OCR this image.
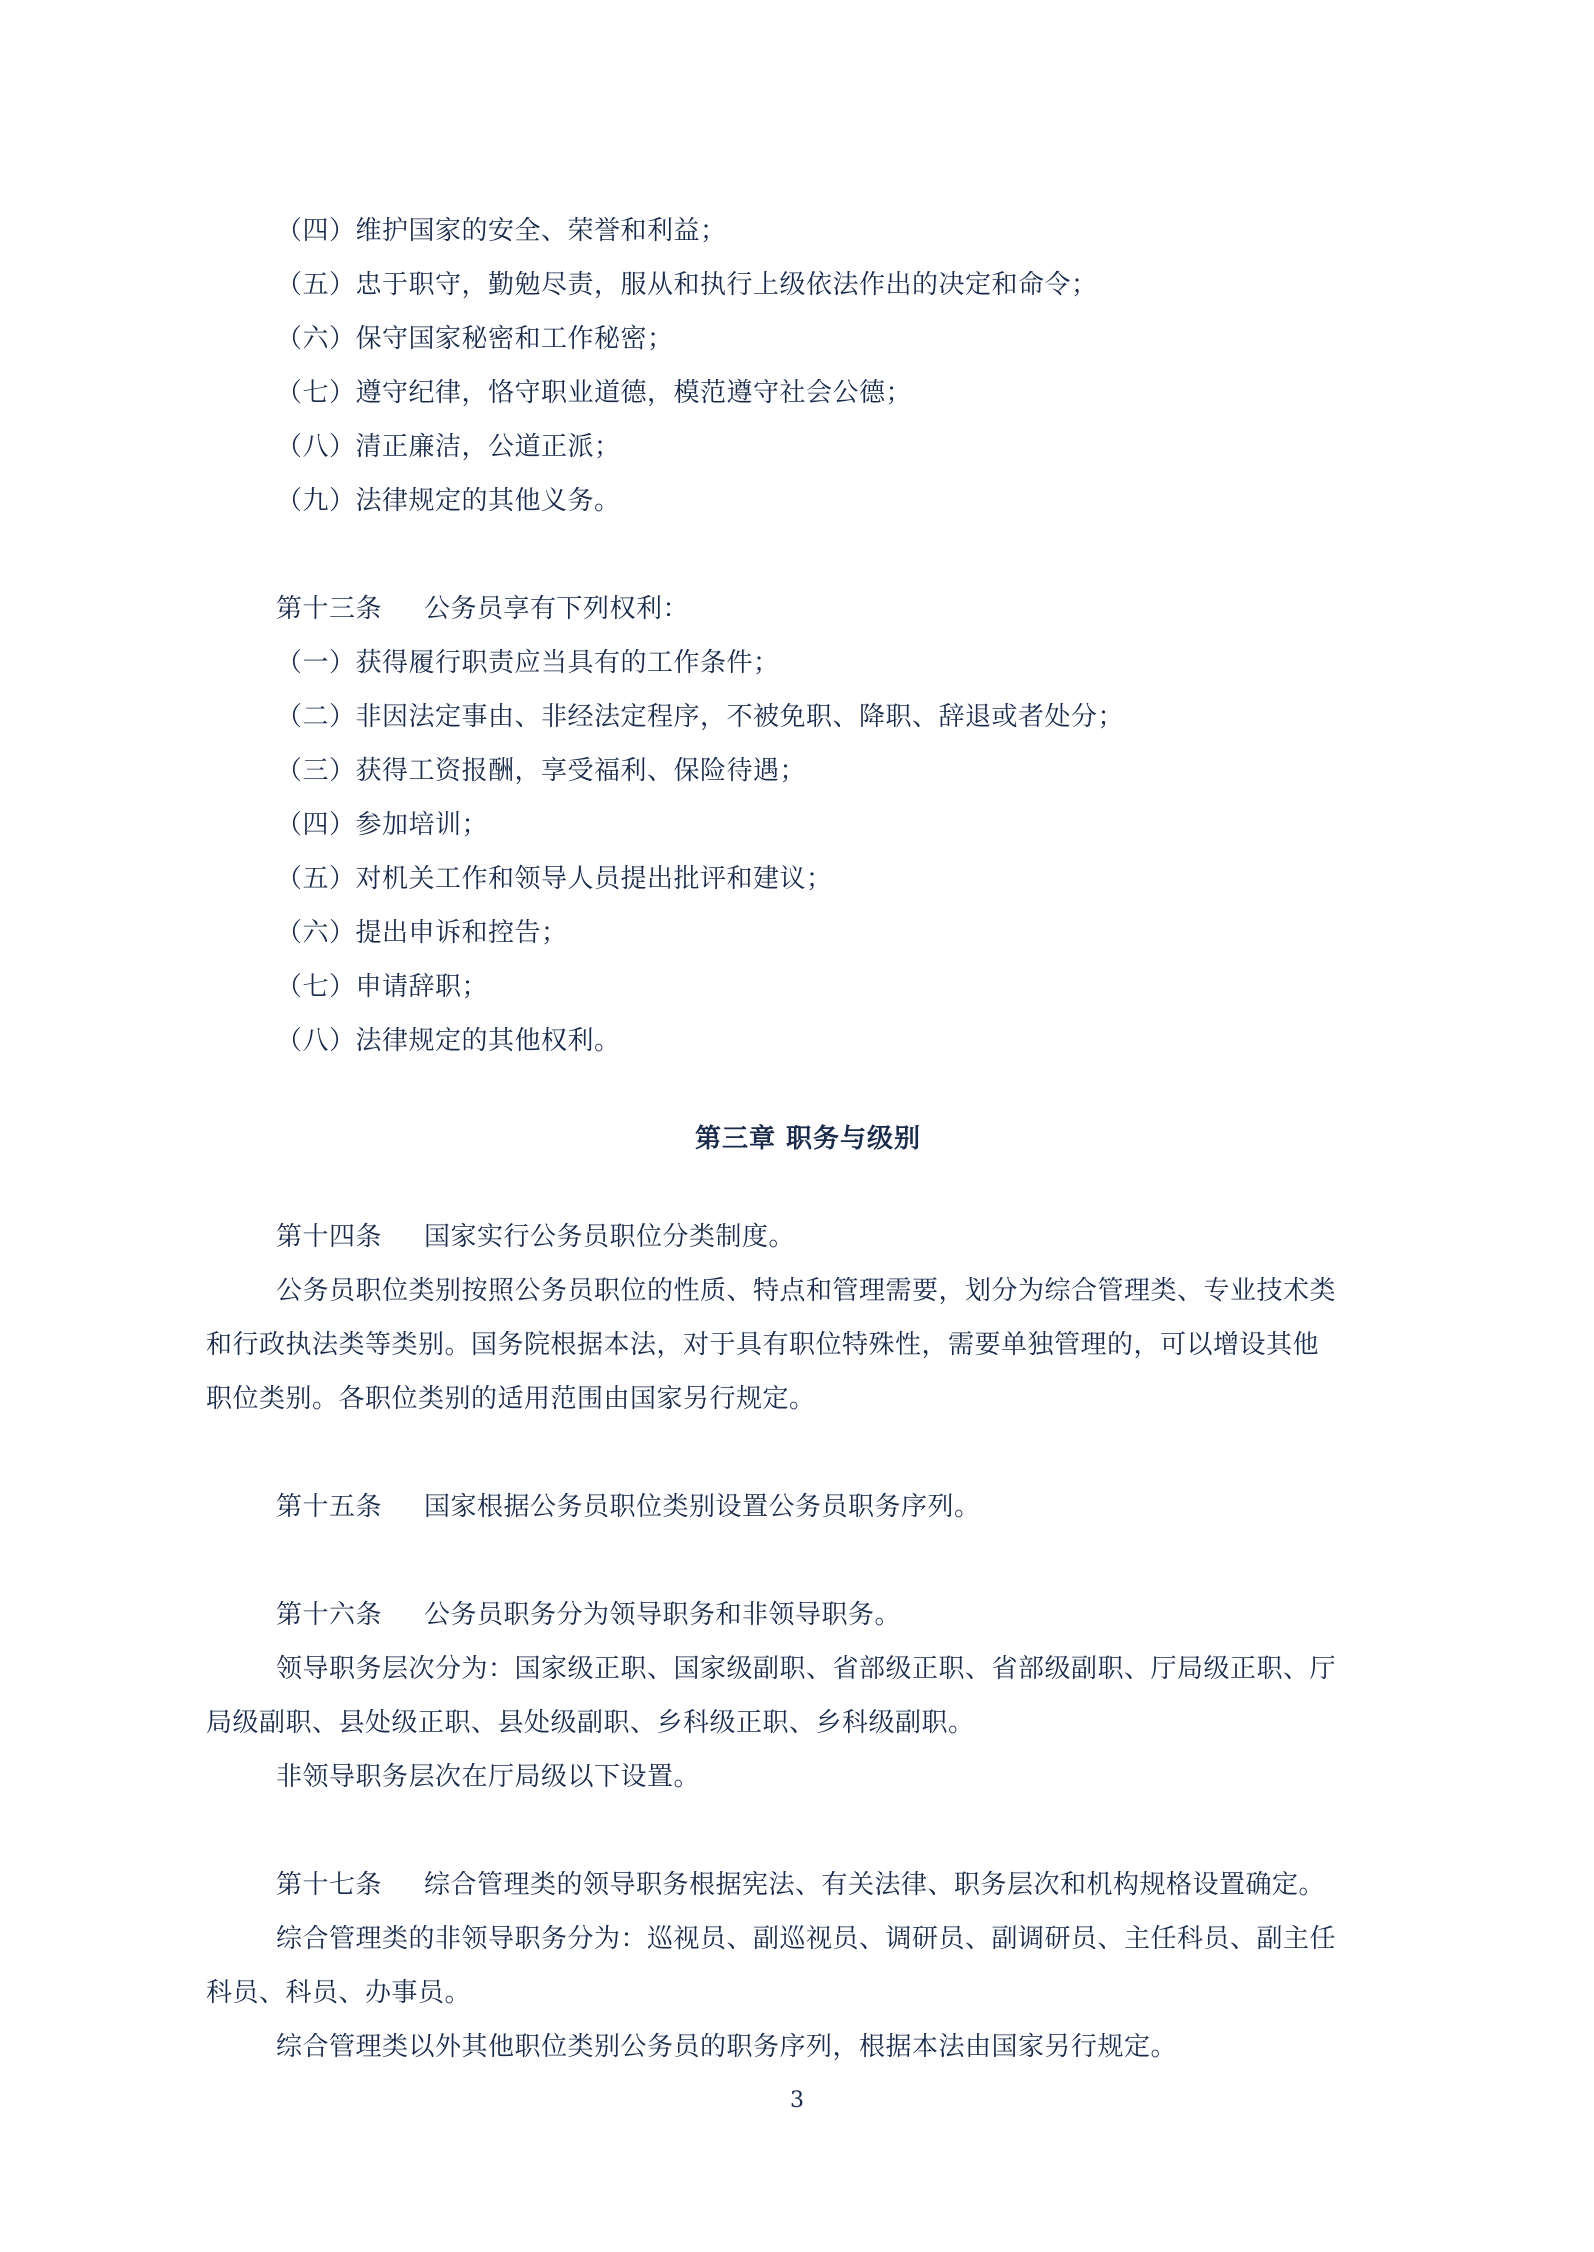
（四）维护国家的安全、荣誉和利益；
（五）忠于职守，勤勉尽责，服从和执行上级依法作出的决定和命令；
（六）保守国家秘密和工作秘密；
（七）遵守纪律，恪守职业道德，模范遵守社会公德；
（八）清正廉洁，公道正派；
（九）法律规定的其他义务。
第十三条 公务员享有下列权利：
（一）获得履行职责应当具有的工作条件；
（二）非因法定事由、非经法定程序，不被免职、降职、辞退或者处分；
（三）获得工资报酬，享受福利、保险待遇；
（四）参加培训；
（五）对机关工作和领导人员提出批评和建议；
（六）提出申诉和控告；
（七）申请辞职；
（八）法律规定的其他权利。
第三章 职务与级别
第十四条 国家实行公务员职位分类制度。
公务员职位类别按照公务员职位的性质、特点和管理需要，划分为综合管理类、专业技术类
和行政执法类等类别。国务院根据本法，对于具有职位特殊性，需要单独管理的，可以增设其他
职位类别。各职位类别的适用范围由国家另行规定。
第十五条 国家根据公务员职位类别设置公务员职务序列。
第十六条 公务员职务分为领导职务和非领导职务。
领导职务层次分为：国家级正职、国家级副职、省部级正职、省部级副职、厅局级正职、厅
局级副职、县处级正职、县处级副职、乡科级正职、乡科级副职。
非领导职务层次在厅局级以下设置。
第十七条 综合管理类的领导职务根据宪法、有关法律、职务层次和机构规格设置确定。
综合管理类的非领导职务分为：巡视员、副巡视员、调研员、副调研员、主任科员、副主任
科员、科员、办事员。
综合管理类以外其他职位类别公务员的职务序列，根据本法由国家另行规定。
3
